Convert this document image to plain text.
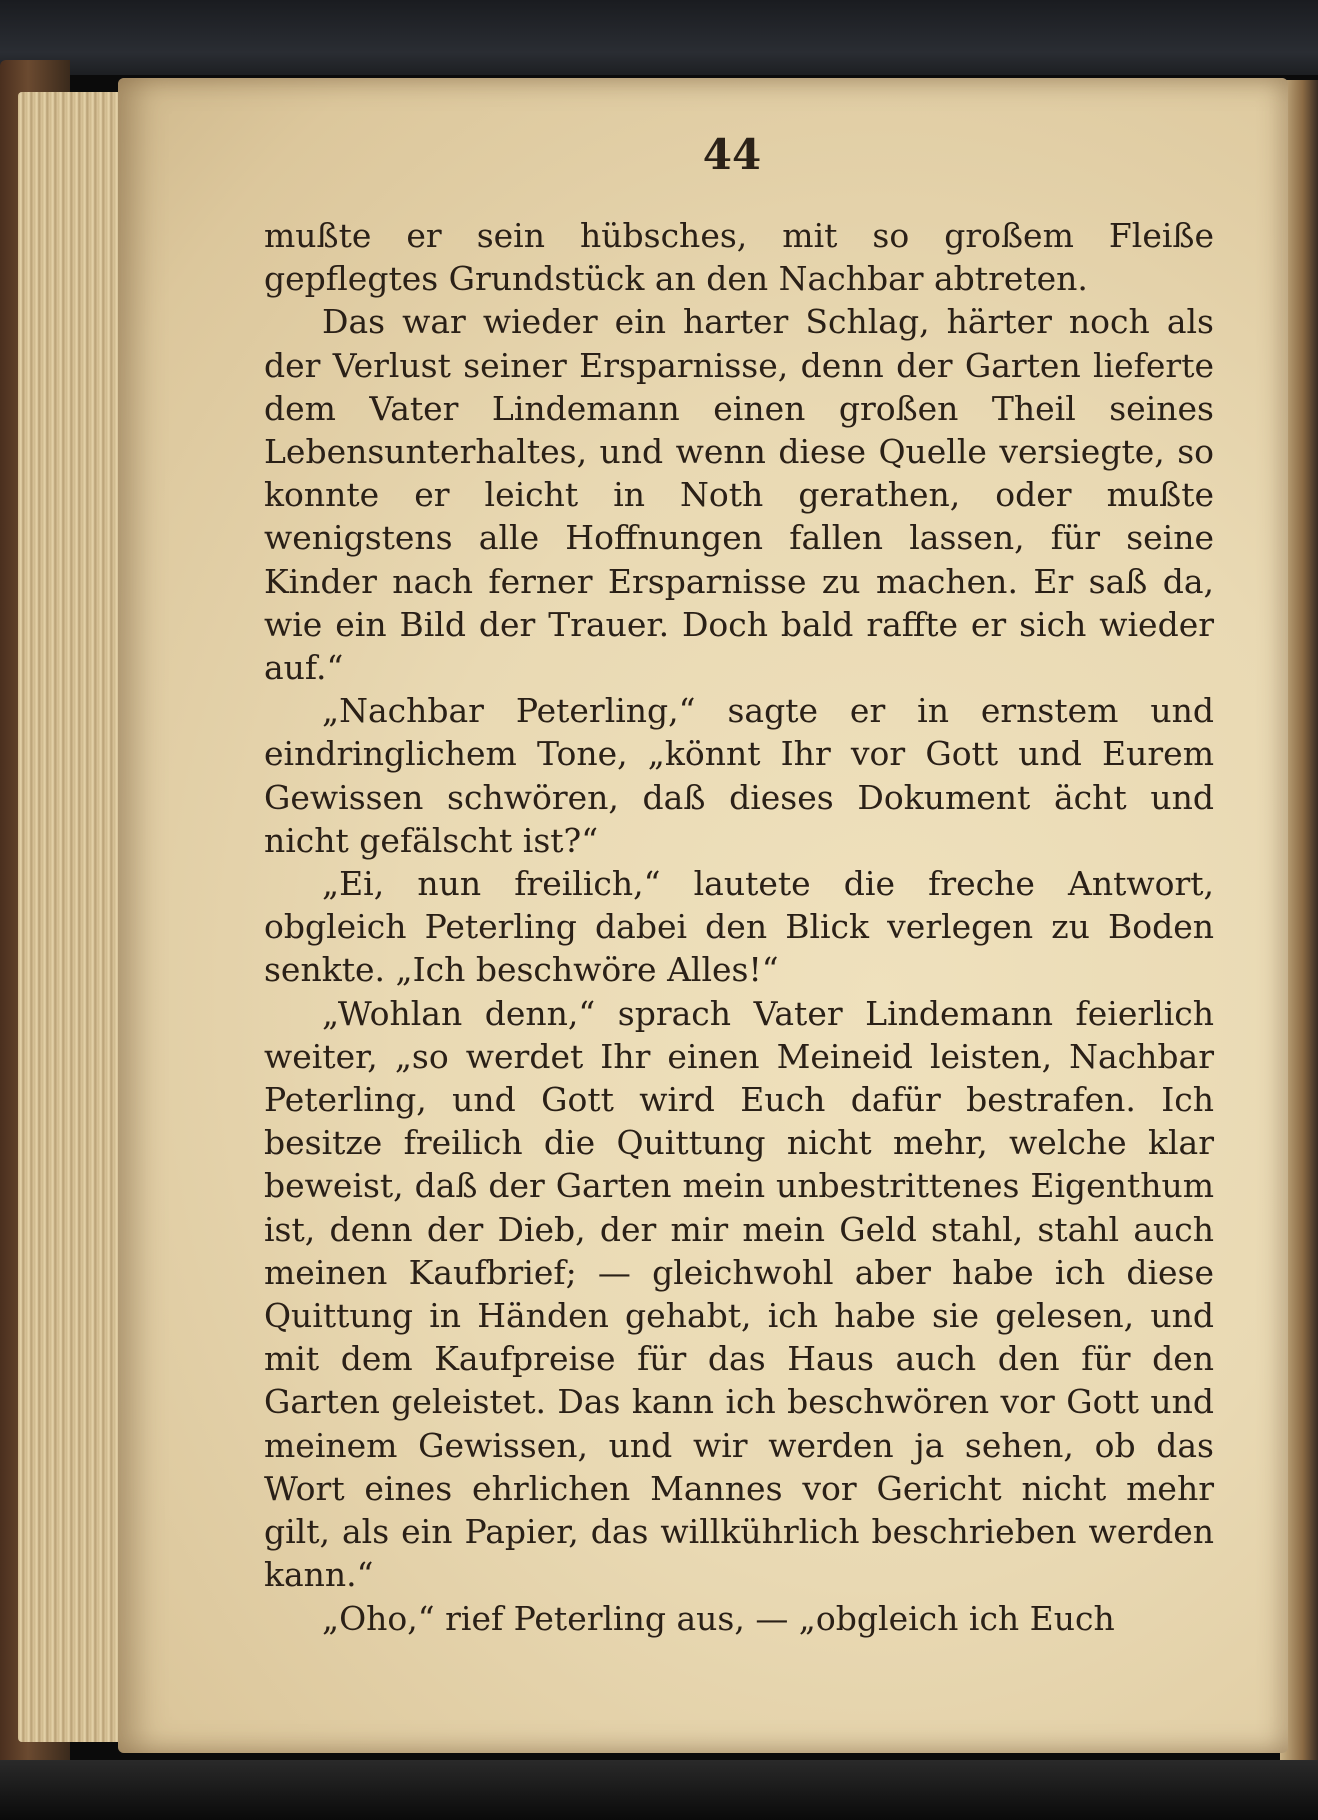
44

mußte er sein hübsches, mit so großem Fleiße gepflegtes Grundstück an den Nachbar abtreten.

Das war wieder ein harter Schlag, härter noch als der Verlust seiner Ersparnisse, denn der Garten lieferte dem Vater Lindemann einen großen Theil seines Lebensunterhaltes, und wenn diese Quelle versiegte, so konnte er leicht in Noth gerathen, oder mußte wenigstens alle Hoffnungen fallen lassen, für seine Kinder nach ferner Ersparnisse zu machen. Er saß da, wie ein Bild der Trauer. Doch bald raffte er sich wieder auf.“

„Nachbar Peterling,“ sagte er in ernstem und eindringlichem Tone, „könnt Ihr vor Gott und Eurem Gewissen schwören, daß dieses Dokument ächt und nicht gefälscht ist?“

„Ei, nun freilich,“ lautete die freche Antwort, obgleich Peterling dabei den Blick verlegen zu Boden senkte. „Ich beschwöre Alles!“

„Wohlan denn,“ sprach Vater Lindemann feierlich weiter, „so werdet Ihr einen Meineid leisten, Nachbar Peterling, und Gott wird Euch dafür bestrafen. Ich besitze freilich die Quittung nicht mehr, welche klar beweist, daß der Garten mein unbestrittenes Eigenthum ist, denn der Dieb, der mir mein Geld stahl, stahl auch meinen Kaufbrief; — gleichwohl aber habe ich diese Quittung in Händen gehabt, ich habe sie gelesen, und mit dem Kaufpreise für das Haus auch den für den Garten geleistet. Das kann ich beschwören vor Gott und meinem Gewissen, und wir werden ja sehen, ob das Wort eines ehrlichen Mannes vor Gericht nicht mehr gilt, als ein Papier, das willkührlich beschrieben werden kann.“

„Oho,“ rief Peterling aus, — „obgleich ich Euch
